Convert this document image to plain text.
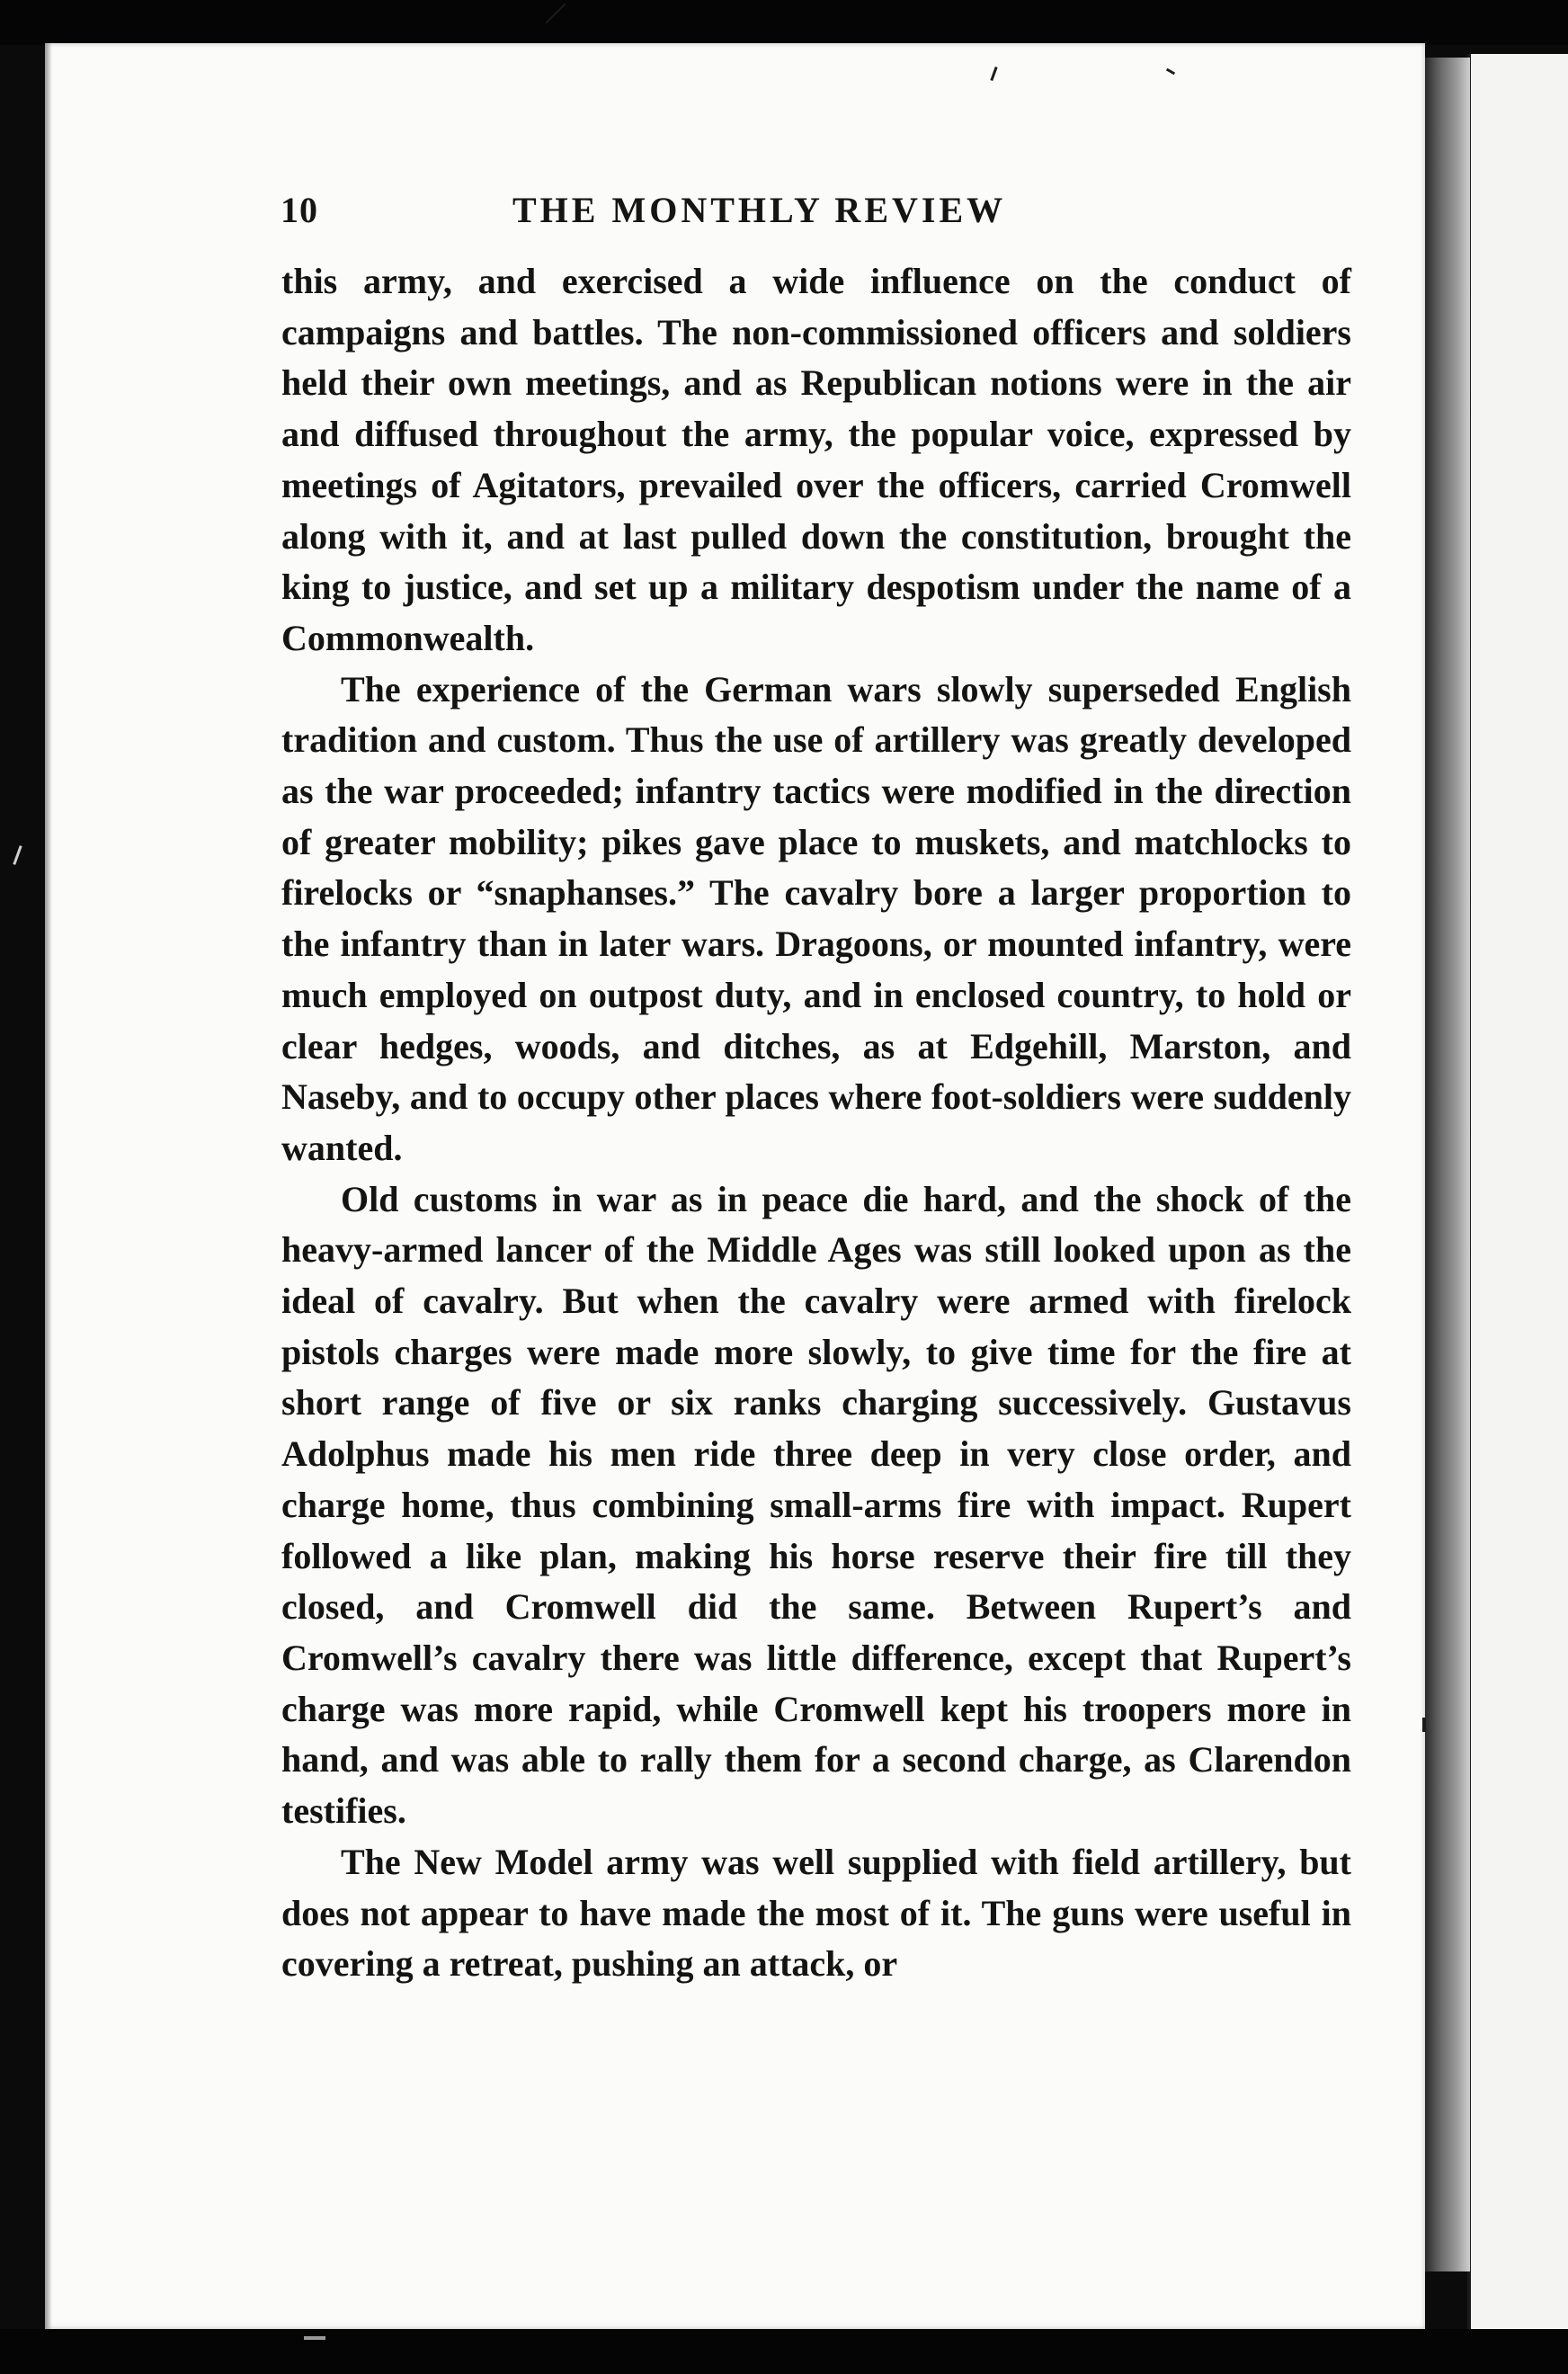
10	THE MONTHLY REVIEW

this army, and exercised a wide influence on the conduct of campaigns and battles. The non-commissioned officers and soldiers held their own meetings, and as Republican notions were in the air and diffused throughout the army, the popular voice, expressed by meetings of Agitators, prevailed over the officers, carried Cromwell along with it, and at last pulled down the constitution, brought the king to justice, and set up a military despotism under the name of a Commonwealth.

The experience of the German wars slowly superseded English tradition and custom. Thus the use of artillery was greatly developed as the war proceeded; infantry tactics were modified in the direction of greater mobility; pikes gave place to muskets, and matchlocks to firelocks or “snaphanses.” The cavalry bore a larger proportion to the infantry than in later wars. Dragoons, or mounted infantry, were much employed on outpost duty, and in enclosed country, to hold or clear hedges, woods, and ditches, as at Edgehill, Marston, and Naseby, and to occupy other places where foot-soldiers were suddenly wanted.

Old customs in war as in peace die hard, and the shock of the heavy-armed lancer of the Middle Ages was still looked upon as the ideal of cavalry. But when the cavalry were armed with firelock pistols charges were made more slowly, to give time for the fire at short range of five or six ranks charging successively. Gustavus Adolphus made his men ride three deep in very close order, and charge home, thus combining small-arms fire with impact. Rupert followed a like plan, making his horse reserve their fire till they closed, and Cromwell did the same. Between Rupert’s and Cromwell’s cavalry there was little difference, except that Rupert’s charge was more rapid, while Cromwell kept his troopers more in hand, and was able to rally them for a second charge, as Clarendon testifies.

The New Model army was well supplied with field artillery, but does not appear to have made the most of it. The guns were useful in covering a retreat, pushing an attack, or
